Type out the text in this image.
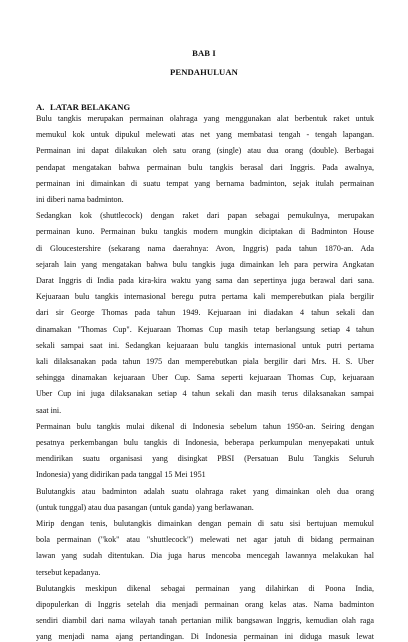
BAB I
PENDAHULUAN
A. LATAR BELAKANG
Bulu tangkis merupakan permainan olahraga yang menggunakan alat berbentuk raket untuk
memukul kok untuk dipukul melewati atas net yang membatasi tengah - tengah lapangan.
Permainan ini dapat dilakukan oleh satu orang (single) atau dua orang (double). Berbagai
pendapat mengatakan bahwa permainan bulu tangkis berasal dari Inggris. Pada awalnya,
permainan ini dimainkan di suatu tempat yang bernama badminton, sejak itulah permainan
ini diberi nama badminton.
Sedangkan kok (shuttlecock) dengan raket dari papan sebagai pemukulnya, merupakan
permainan kuno. Permainan buku tangkis modern mungkin diciptakan di Badminton House
di Gloucestershire (sekarang nama daerahnya: Avon, Inggris) pada tahun 1870-an. Ada
sejarah lain yang mengatakan bahwa bulu tangkis juga dimainkan leh para perwira Angkatan
Darat Inggris di India pada kira-kira waktu yang sama dan sepertinya juga berawal dari sana.
Kejuaraan bulu tangkis internasional beregu putra pertama kali memperebutkan piala bergilir
dari sir George Thomas pada tahun 1949. Kejuaraan ini diadakan 4 tahun sekali dan
dinamakan "Thomas Cup". Kejuaraan Thomas Cup masih tetap berlangsung setiap 4 tahun
sekali sampai saat ini. Sedangkan kejuaraan bulu tangkis internasional untuk putri pertama
kali dilaksanakan pada tahun 1975 dan memperebutkan piala bergilir dari Mrs. H. S. Uber
sehingga dinamakan kejuaraan Uber Cup. Sama seperti kejuaraan Thomas Cup, kejuaraan
Uber Cup ini juga dilaksanakan setiap 4 tahun sekali dan masih terus dilaksanakan sampai
saat ini.
Permainan bulu tangkis mulai dikenal di Indonesia sebelum tahun 1950-an. Seiring dengan
pesatnya perkembangan bulu tangkis di Indonesia, beberapa perkumpulan menyepakati untuk
mendirikan suatu organisasi yang disingkat PBSI (Persatuan Bulu Tangkis Seluruh
Indonesia) yang didirikan pada tanggal 15 Mei 1951
Bulutangkis atau badminton adalah suatu olahraga raket yang dimainkan oleh dua orang
(untuk tunggal) atau dua pasangan (untuk ganda) yang berlawanan.
Mirip dengan tenis, bulutangkis dimainkan dengan pemain di satu sisi bertujuan memukul
bola permainan ("kok" atau "shuttlecock") melewati net agar jatuh di bidang permainan
lawan yang sudah ditentukan. Dia juga harus mencoba mencegah lawannya melakukan hal
tersebut kepadanya.
Bulutangkis meskipun dikenal sebagai permainan yang dilahirkan di Poona India,
dipopulerkan di Inggris setelah dia menjadi permainan orang kelas atas. Nama badminton
sendiri diambil dari nama wilayah tanah pertanian milik bangsawan Inggris, kemudian olah raga
yang menjadi nama ajang pertandingan. Di Indonesia permainan ini diduga masuk lewat
